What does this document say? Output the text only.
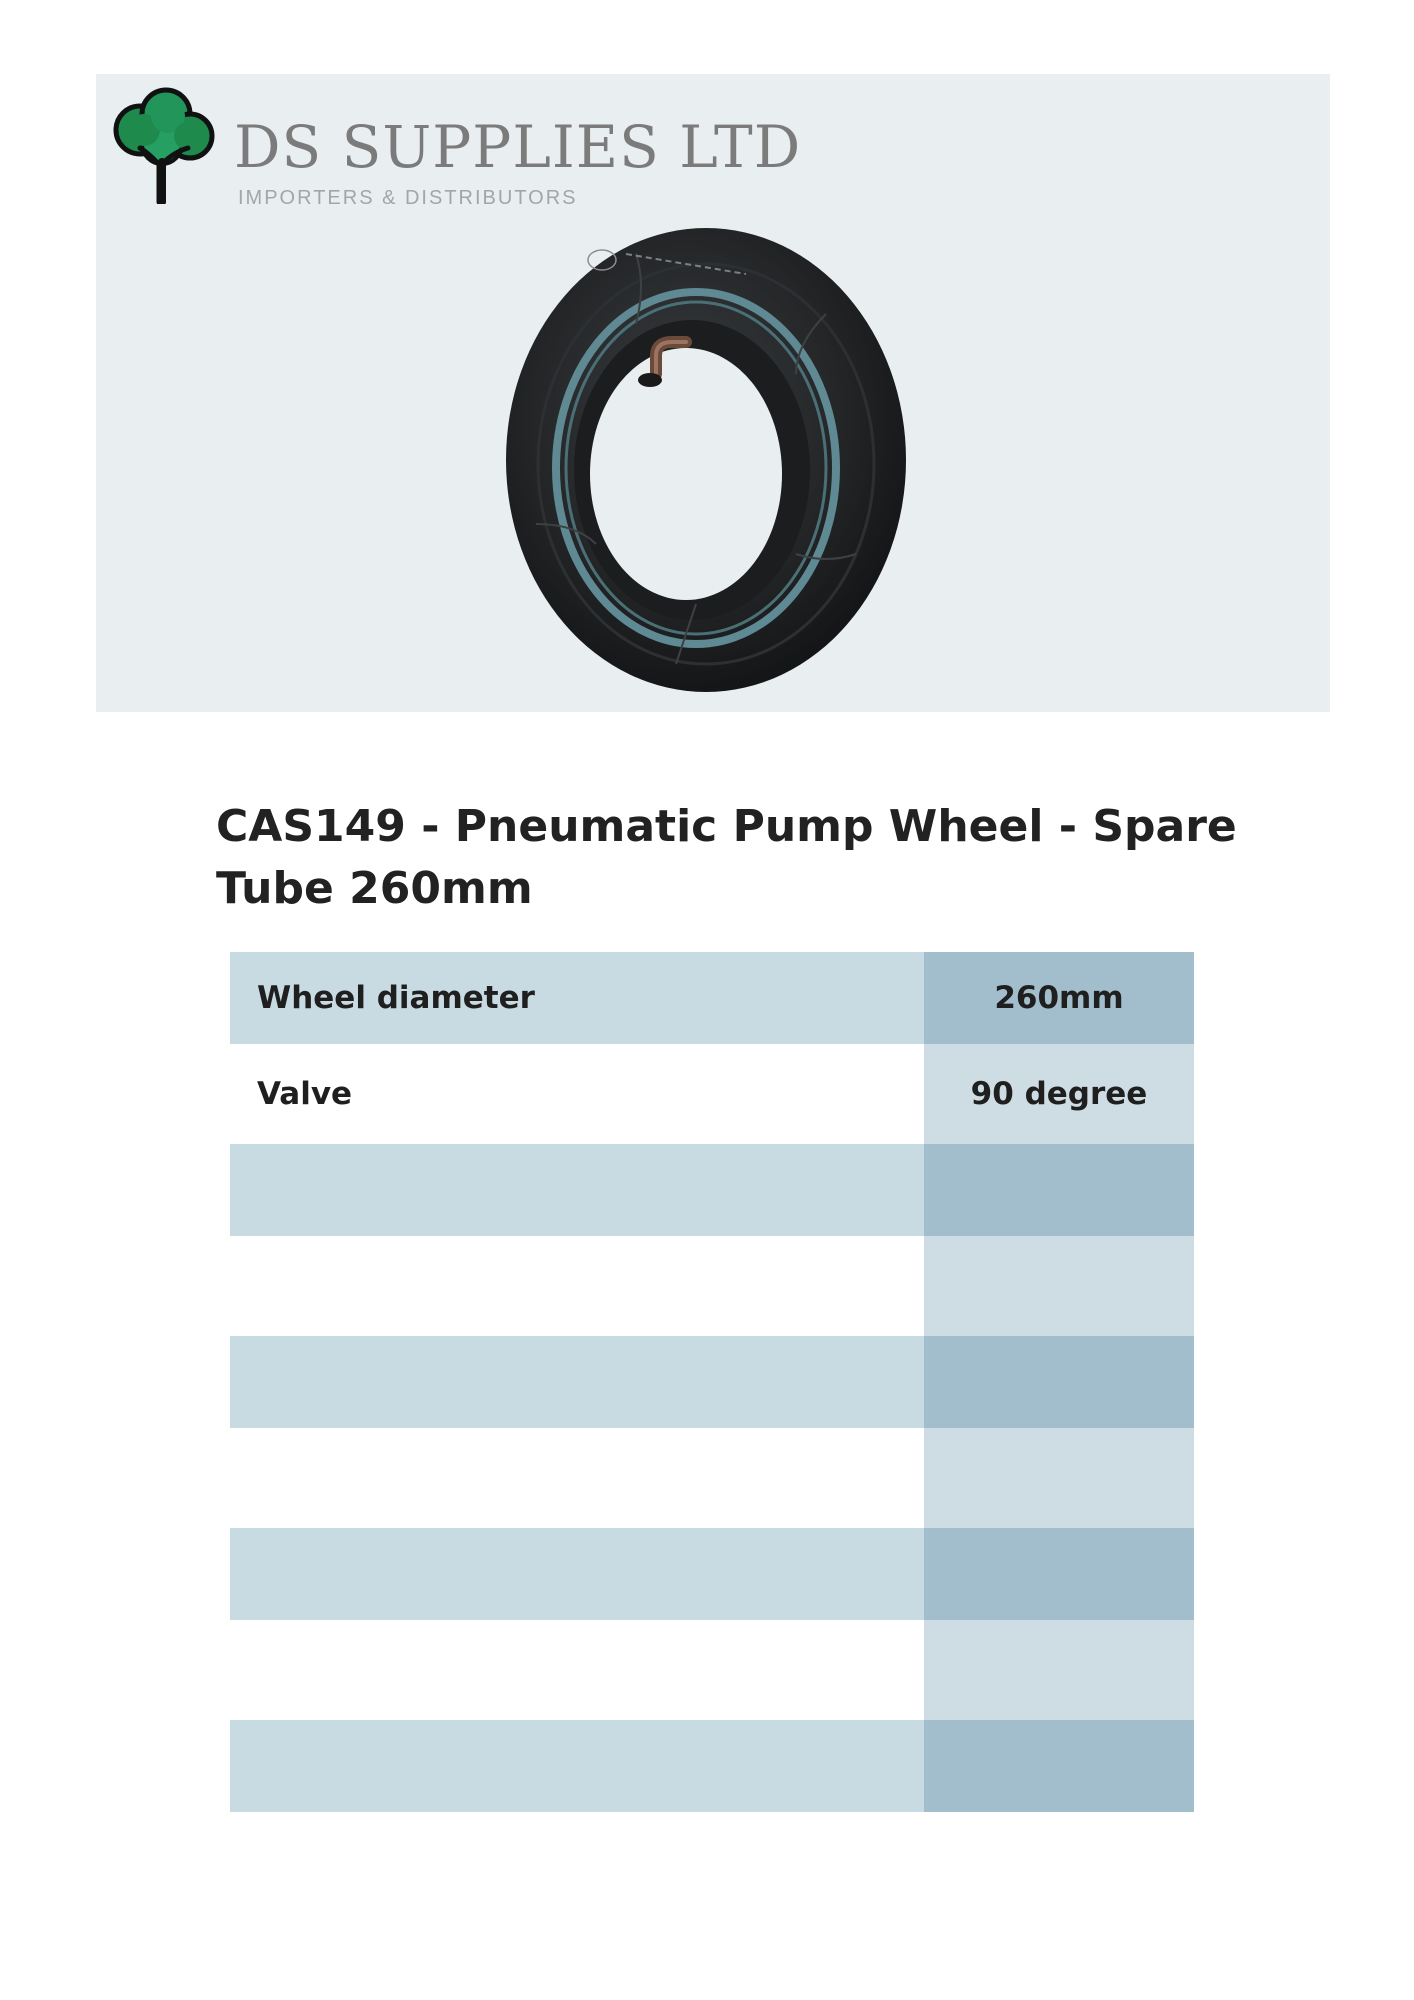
DS SUPPLIES LTD
IMPORTERS & DISTRIBUTORS
CAS149 - Pneumatic Pump Wheel - Spare Tube 260mm
Wheel diameter	260mm
Valve	90 degree
